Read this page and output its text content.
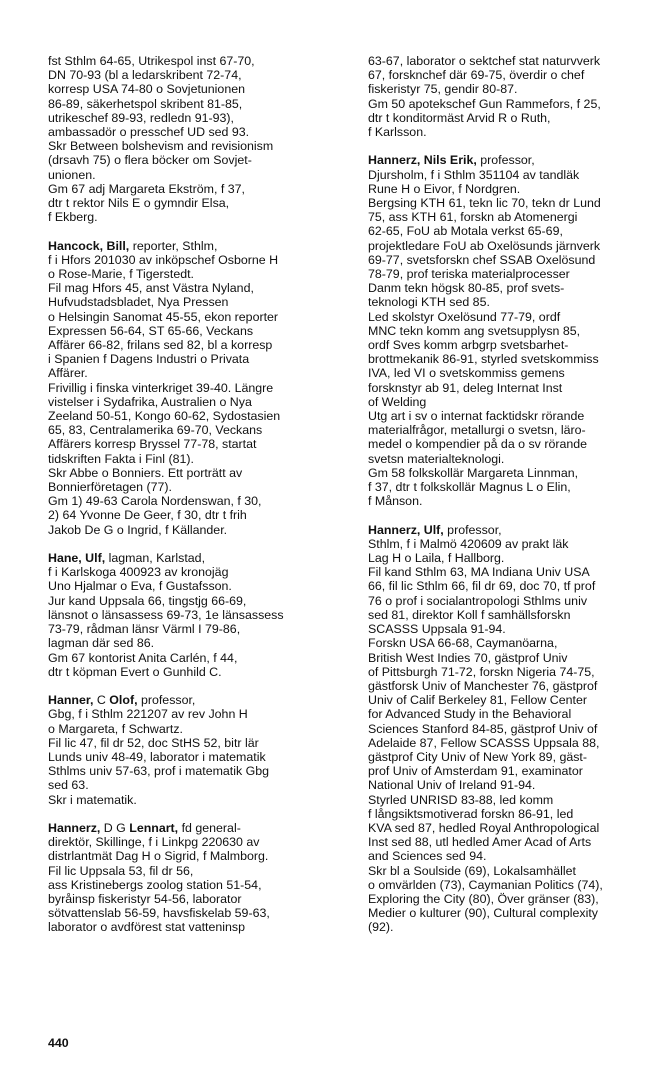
fst Sthlm 64-65, Utrikespol inst 67-70,
DN 70-93 (bl a ledarskribent 72-74,
korresp USA 74-80 o Sovjetunionen
86-89, säkerhetspol skribent 81-85,
utrikeschef 89-93, redledn 91-93),
ambassadör o presschef UD sed 93.
Skr Between bolshevism and revisionism
(drsavh 75) o flera böcker om Sovjet-
unionen.
Gm 67 adj Margareta Ekström, f 37,
dtr t rektor Nils E o gymndir Elsa,
f Ekberg.
Hancock, Bill, reporter, Sthlm,
f i Hfors 201030 av inköpschef Osborne H
o Rose-Marie, f Tigerstedt.
Fil mag Hfors 45, anst Västra Nyland,
Hufvudstadsbladet, Nya Pressen
o Helsingin Sanomat 45-55, ekon reporter
Expressen 56-64, ST 65-66, Veckans
Affärer 66-82, frilans sed 82, bl a korresp
i Spanien f Dagens Industri o Privata
Affärer.
Frivillig i finska vinterkriget 39-40. Längre
vistelser i Sydafrika, Australien o Nya
Zeeland 50-51, Kongo 60-62, Sydostasien
65, 83, Centralamerika 69-70, Veckans
Affärers korresp Bryssel 77-78, startat
tidskriften Fakta i Finl (81).
Skr Abbe o Bonniers. Ett porträtt av
Bonnierföretagen (77).
Gm 1) 49-63 Carola Nordenswan, f 30,
2) 64 Yvonne De Geer, f 30, dtr t frih
Jakob De G o Ingrid, f Källander.
Hane, Ulf, lagman, Karlstad,
f i Karlskoga 400923 av kronojäg
Uno Hjalmar o Eva, f Gustafsson.
Jur kand Uppsala 66, tingstjg 66-69,
länsnot o länsassess 69-73, 1e länsassess
73-79, rådman länsr Värml I 79-86,
lagman där sed 86.
Gm 67 kontorist Anita Carlén, f 44,
dtr t köpman Evert o Gunhild C.
Hanner, C Olof, professor,
Gbg, f i Sthlm 221207 av rev John H
o Margareta, f Schwartz.
Fil lic 47, fil dr 52, doc StHS 52, bitr lär
Lunds univ 48-49, laborator i matematik
Sthlms univ 57-63, prof i matematik Gbg
sed 63.
Skr i matematik.
Hannerz, D G Lennart, fd general-
direktör, Skillinge, f i Linkpg 220630 av
distrlantmät Dag H o Sigrid, f Malmborg.
Fil lic Uppsala 53, fil dr 56,
ass Kristinebergs zoolog station 51-54,
byråinsp fiskeristyr 54-56, laborator
sötvattenslab 56-59, havsfiskelab 59-63,
laborator o avdförest stat vatteninsp
63-67, laborator o sektchef stat naturvverk
67, forsknchef där 69-75, överdir o chef
fiskeristyr 75, gendir 80-87.
Gm 50 apotekschef Gun Rammefors, f 25,
dtr t konditormäst Arvid R o Ruth,
f Karlsson.
Hannerz, Nils Erik, professor,
Djursholm, f i Sthlm 351104 av tandläk
Rune H o Eivor, f Nordgren.
Bergsing KTH 61, tekn lic 70, tekn dr Lund
75, ass KTH 61, forskn ab Atomenergi
62-65, FoU ab Motala verkst 65-69,
projektledare FoU ab Oxelösunds järnverk
69-77, svetsforskn chef SSAB Oxelösund
78-79, prof teriska materialprocesser
Danm tekn högsk 80-85, prof svets-
teknologi KTH sed 85.
Led skolstyr Oxelösund 77-79, ordf
MNC tekn komm ang svetsupplysn 85,
ordf Sves komm arbgrp svetsbarhet-
brottmekanik 86-91, styrled svetskommiss
IVA, led VI o svetskommiss gemens
forsknstyr ab 91, deleg Internat Inst
of Welding
Utg art i sv o internat facktidskr rörande
materialfrågor, metallurgi o svetsn, läro-
medel o kompendier på da o sv rörande
svetsn materialteknologi.
Gm 58 folkskollär Margareta Linnman,
f 37, dtr t folkskollär Magnus L o Elin,
f Månson.
Hannerz, Ulf, professor,
Sthlm, f i Malmö 420609 av prakt läk
Lag H o Laila, f Hallborg.
Fil kand Sthlm 63, MA Indiana Univ USA
66, fil lic Sthlm 66, fil dr 69, doc 70, tf prof
76 o prof i socialantropologi Sthlms univ
sed 81, direktor Koll f samhällsforskn
SCASSS Uppsala 91-94.
Forskn USA 66-68, Caymanöarna,
British West Indies 70, gästprof Univ
of Pittsburgh 71-72, forskn Nigeria 74-75,
gästforsk Univ of Manchester 76, gästprof
Univ of Calif Berkeley 81, Fellow Center
for Advanced Study in the Behavioral
Sciences Stanford 84-85, gästprof Univ of
Adelaide 87, Fellow SCASSS Uppsala 88,
gästprof City Univ of New York 89, gäst-
prof Univ of Amsterdam 91, examinator
National Univ of Ireland 91-94.
Styrled UNRISD 83-88, led komm
f långsiktsmotiverad forskn 86-91, led
KVA sed 87, hedled Royal Anthropological
Inst sed 88, utl hedled Amer Acad of Arts
and Sciences sed 94.
Skr bl a Soulside (69), Lokalsamhället
o omvärlden (73), Caymanian Politics (74),
Exploring the City (80), Över gränser (83),
Medier o kulturer (90), Cultural complexity
(92).
440
